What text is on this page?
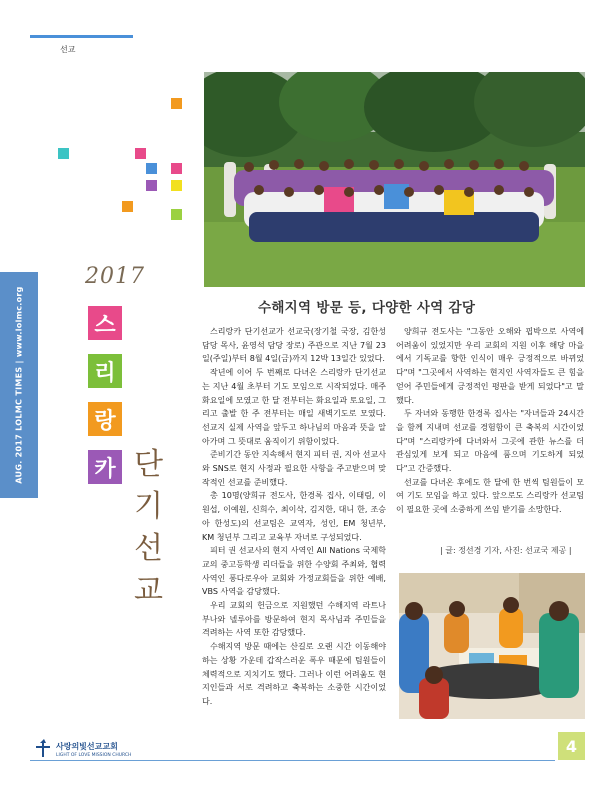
선교
AUG. 2017 LOLMC TIMES | www.lolmc.org
2017
스
리
랑
카 단
기
선
교
수해지역 방문 등, 다양한 사역 감당

스리랑카 단기선교가 선교국(장기철 국장, 김한성 담당 목사, 윤영석 담당 장로) 주관으로 지난 7월 23일(주일)부터 8월 4일(금)까지 12박 13일간 있었다.

작년에 이어 두 번째로 다녀온 스리랑카 단기선교는 지난 4월 초부터 기도 모임으로 시작되었다. 매주 화요일에 모였고 한 달 전부터는 화요일과 토요일, 그리고 출발 한 주 전부터는 매일 새벽기도로 모였다. 선교지 실제 사역을 앞두고 하나님의 마음과 뜻을 알아가며 그 뜻대로 움직이기 위함이었다.

준비기간 동안 지속해서 현지 피터 권, 지아 선교사와 SNS로 현지 사정과 필요한 사항을 주고받으며 맞작적인 선교를 준비했다.

총 10명(양희규 전도사, 한경록 집사, 이태림, 이원섭, 이예원, 신희수, 최이삭, 김지한, 대니 한, 조승아 한성도)의 선교팀은 교역자, 성인, EM 청년부, KM 청년부 그리고 교육부 자녀로 구성되었다.

피터 권 선교사의 현지 사역인 All Nations 국제학교의 중고등학생 리더들을 위한 수양회 주최와, 협력 사역인 퐁다로우아 교회와 가정교회들을 위한 예배, VBS 사역을 감당했다.

우리 교회의 헌금으로 지원했던 수해지역 라트나부나와 넬루아를 방문하여 현지 목사님과 주민들을 격려하는 사역 또한 감당했다.

수해지역 방문 때에는 산길로 오랜 시간 이동해야 하는 상황 가운데 갑작스러운 폭우 때문에 팀원들이 체력적으로 지치기도 했다. 그러나 이런 어려움도 현지인들과 서로 격려하고 축복하는 소중한 시간이었다.

양희규 전도사는 "그동안 오해와 핍박으로 사역에 어려움이 있었지만 우리 교회의 지원 이후 해당 마을에서 기독교를 향한 인식이 매우 긍정적으로 바뀌었다"며 "그곳에서 사역하는 현지인 사역자들도 큰 힘을 얻어 주민들에게 긍정적인 평판을 받게 되었다"고 말했다.

두 자녀와 동행한 한경록 집사는 "자녀들과 24시간을 함께 지내며 선교를 경험함이 큰 축복의 시간이었다"며 "스리랑카에 다녀와서 그곳에 관한 뉴스를 더 관심있게 보게 되고 마음에 품으며 기도하게 되었다"고 간증했다.

선교를 다녀온 후에도 한 달에 한 번씩 팀원들이 모여 기도 모임을 하고 있다. 앞으로도 스리랑카 선교팀이 필요한 곳에 소중하게 쓰임 받기를 소망한다.

| 글: 정선경 기자, 사진: 선교국 제공 |
사랑의빛선교교회
LIGHT OF LOVE MISSION CHURCH	4
